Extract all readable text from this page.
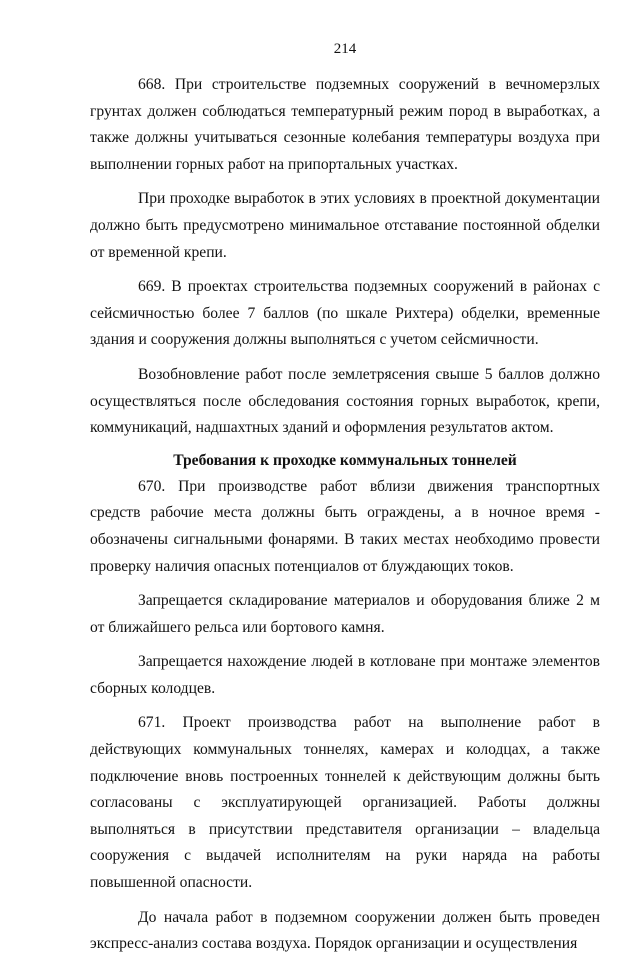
214

668. При строительстве подземных сооружений в вечномерзлых грунтах должен соблюдаться температурный режим пород в выработках, а также должны учитываться сезонные колебания температуры воздуха при выполнении горных работ на припортальных участках.

При проходке выработок в этих условиях в проектной документации должно быть предусмотрено минимальное отставание постоянной обделки от временной крепи.

669. В проектах строительства подземных сооружений в районах с сейсмичностью более 7 баллов (по шкале Рихтера) обделки, временные здания и сооружения должны выполняться с учетом сейсмичности.

Возобновление работ после землетрясения свыше 5 баллов должно осуществляться после обследования состояния горных выработок, крепи, коммуникаций, надшахтных зданий и оформления результатов актом.

Требования к проходке коммунальных тоннелей

670. При производстве работ вблизи движения транспортных средств рабочие места должны быть ограждены, а в ночное время - обозначены сигнальными фонарями. В таких местах необходимо провести проверку наличия опасных потенциалов от блуждающих токов.

Запрещается складирование материалов и оборудования ближе 2 м от ближайшего рельса или бортового камня.

Запрещается нахождение людей в котловане при монтаже элементов сборных колодцев.

671. Проект производства работ на выполнение работ в действующих коммунальных тоннелях, камерах и колодцах, а также подключение вновь построенных тоннелей к действующим должны быть согласованы с эксплуатирующей организацией. Работы должны выполняться в присутствии представителя организации – владельца сооружения с выдачей исполнителям на руки наряда на работы повышенной опасности.

До начала работ в подземном сооружении должен быть проведен экспресс-анализ состава воздуха. Порядок организации и осуществления
